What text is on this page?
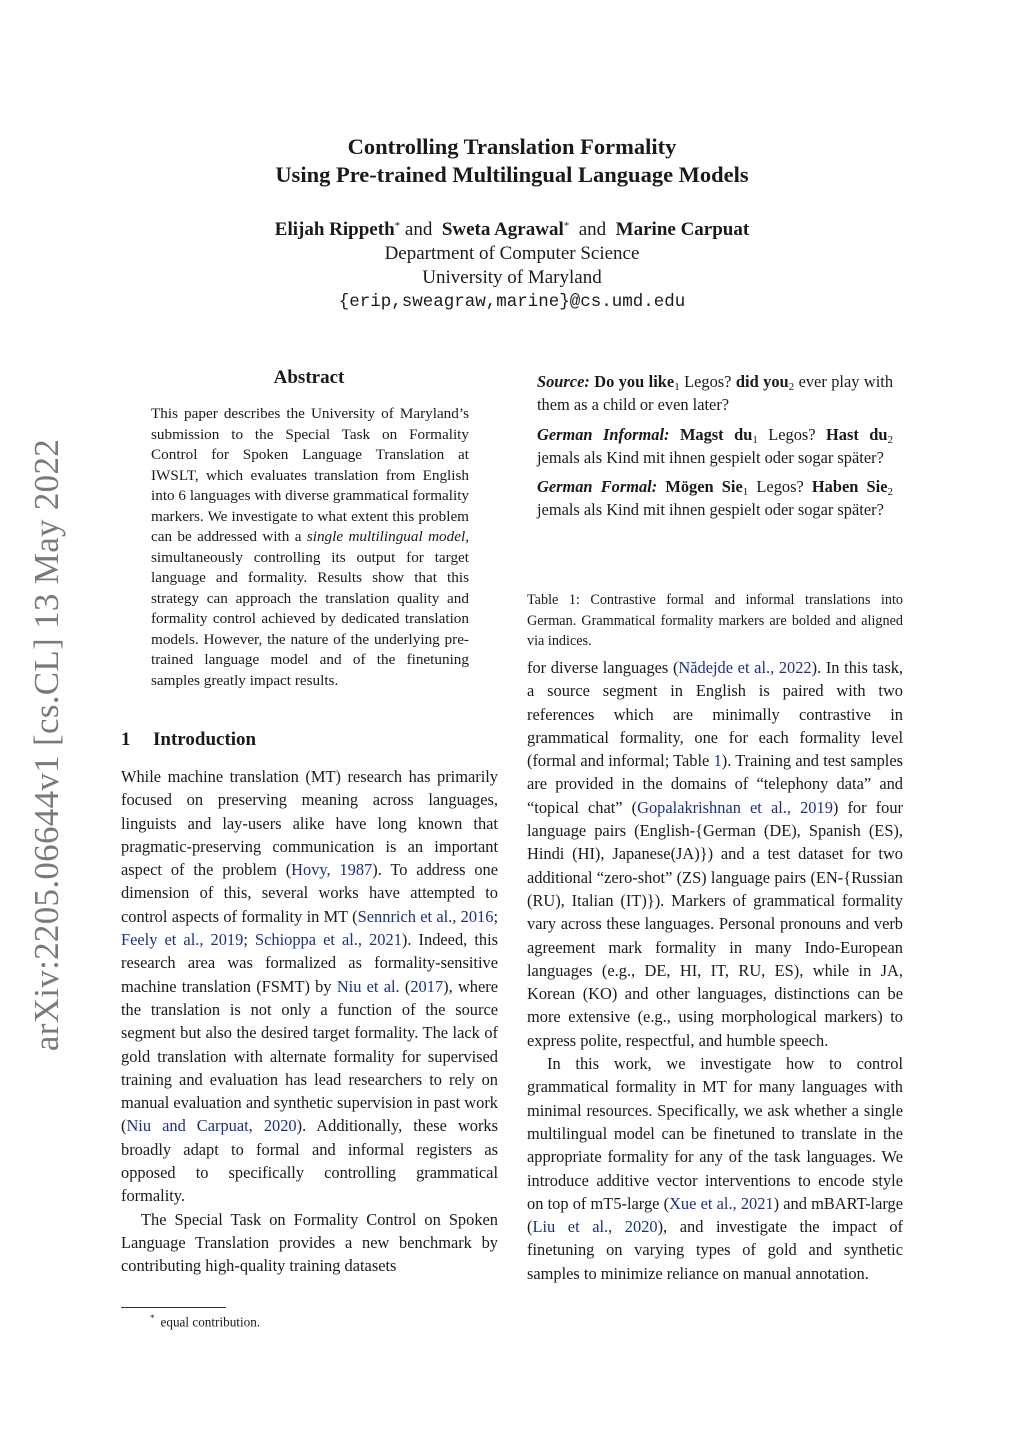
arXiv:2205.06644v1 [cs.CL] 13 May 2022
Controlling Translation Formality
Using Pre-trained Multilingual Language Models
Elijah Rippeth* and Sweta Agrawal* and Marine Carpuat
Department of Computer Science
University of Maryland
{erip,sweagraw,marine}@cs.umd.edu
Abstract
This paper describes the University of Maryland’s submission to the Special Task on Formality Control for Spoken Language Translation at IWSLT, which evaluates translation from English into 6 languages with diverse grammatical formality markers. We investigate to what extent this problem can be addressed with a single multilingual model, simultaneously controlling its output for target language and formality. Results show that this strategy can approach the translation quality and formality control achieved by dedicated translation models. However, the nature of the underlying pre-trained language model and of the finetuning samples greatly impact results.
1 Introduction

While machine translation (MT) research has primarily focused on preserving meaning across languages, linguists and lay-users alike have long known that pragmatic-preserving communication is an important aspect of the problem (Hovy, 1987). To address one dimension of this, several works have attempted to control aspects of formality in MT (Sennrich et al., 2016; Feely et al., 2019; Schioppa et al., 2021). Indeed, this research area was formalized as formality-sensitive machine translation (FSMT) by Niu et al. (2017), where the translation is not only a function of the source segment but also the desired target formality. The lack of gold translation with alternate formality for supervised training and evaluation has lead researchers to rely on manual evaluation and synthetic supervision in past work (Niu and Carpuat, 2020). Additionally, these works broadly adapt to formal and informal registers as opposed to specifically controlling grammatical formality.

The Special Task on Formality Control on Spoken Language Translation provides a new benchmark by contributing high-quality training datasets

* equal contribution.
Source: Do you like$_1$ Legos? did you$_2$ ever play with them as a child or even later?
German Informal: Magst $du_1$ Legos? Hast $du_2$ jemals als Kind mit ihnen gespielt oder sogar später?
German Formal: Mögen Sie$_1$ Legos? Haben Sie$_2$ jemals als Kind mit ihnen gespielt oder sogar später?
Table 1: Contrastive formal and informal translations into German. Grammatical formality markers are bolded and aligned via indices.

for diverse languages (Nădejde et al., 2022). In this task, a source segment in English is paired with two references which are minimally contrastive in grammatical formality, one for each formality level (formal and informal; Table 1). Training and test samples are provided in the domains of “telephony data” and “topical chat” (Gopalakrishnan et al., 2019) for four language pairs (English-{German (DE), Spanish (ES), Hindi (HI), Japanese(JA)}) and a test dataset for two additional “zero-shot” (ZS) language pairs (EN-{Russian (RU), Italian (IT)}). Markers of grammatical formality vary across these languages. Personal pronouns and verb agreement mark formality in many Indo-European languages (e.g., DE, HI, IT, RU, ES), while in JA, Korean (KO) and other languages, distinctions can be more extensive (e.g., using morphological markers) to express polite, respectful, and humble speech.

In this work, we investigate how to control grammatical formality in MT for many languages with minimal resources. Specifically, we ask whether a single multilingual model can be finetuned to translate in the appropriate formality for any of the task languages. We introduce additive vector interventions to encode style on top of mT5-large (Xue et al., 2021) and mBART-large (Liu et al., 2020), and investigate the impact of finetuning on varying types of gold and synthetic samples to minimize reliance on manual annotation.
